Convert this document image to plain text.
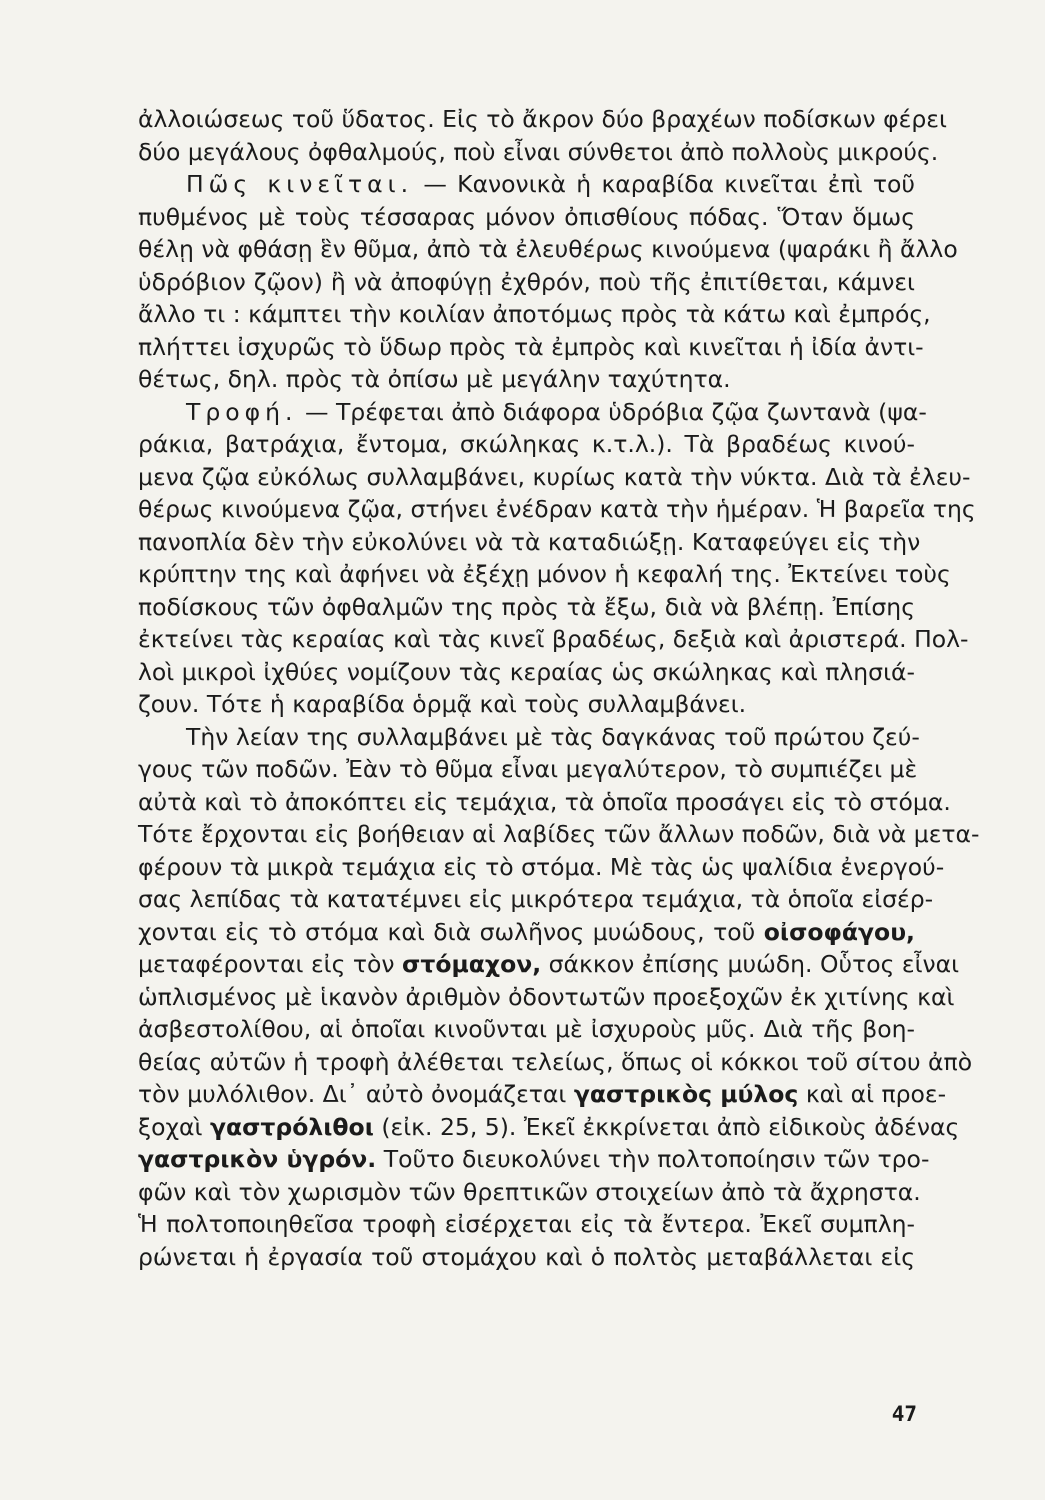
ἀλλοιώσεως τοῦ ὕδατος. Εἰς τὸ ἄκρον δύο βραχέων ποδίσκων φέρει
δύο μεγάλους ὀφθαλμούς, ποὺ εἶναι σύνθετοι ἀπὸ πολλοὺς μικρούς.
Πῶς κινεῖται. — Κανονικὰ ἡ καραβίδα κινεῖται ἐπὶ τοῦ
πυθμένος μὲ τοὺς τέσσαρας μόνον ὀπισθίους πόδας. Ὅταν ὅμως
θέλῃ νὰ φθάσῃ ἓν θῦμα, ἀπὸ τὰ ἐλευθέρως κινούμενα (ψαράκι ἢ ἄλλο
ὑδρόβιον ζῷον) ἢ νὰ ἀποφύγῃ ἐχθρόν, ποὺ τῆς ἐπιτίθεται, κάμνει
ἄλλο τι : κάμπτει τὴν κοιλίαν ἀποτόμως πρὸς τὰ κάτω καὶ ἐμπρός,
πλήττει ἰσχυρῶς τὸ ὕδωρ πρὸς τὰ ἐμπρὸς καὶ κινεῖται ἡ ἰδία ἀντι-
θέτως, δηλ. πρὸς τὰ ὀπίσω μὲ μεγάλην ταχύτητα.
Τροφή. — Τρέφεται ἀπὸ διάφορα ὑδρόβια ζῷα ζωντανὰ (ψα-
ράκια, βατράχια, ἔντομα, σκώληκας κ.τ.λ.). Τὰ βραδέως κινού-
μενα ζῷα εὐκόλως συλλαμβάνει, κυρίως κατὰ τὴν νύκτα. Διὰ τὰ ἐλευ-
θέρως κινούμενα ζῷα, στήνει ἐνέδραν κατὰ τὴν ἡμέραν. Ἡ βαρεῖα της
πανοπλία δὲν τὴν εὐκολύνει νὰ τὰ καταδιώξῃ. Καταφεύγει εἰς τὴν
κρύπτην της καὶ ἀφήνει νὰ ἐξέχῃ μόνον ἡ κεφαλή της. Ἐκτείνει τοὺς
ποδίσκους τῶν ὀφθαλμῶν της πρὸς τὰ ἔξω, διὰ νὰ βλέπῃ. Ἐπίσης
ἐκτείνει τὰς κεραίας καὶ τὰς κινεῖ βραδέως, δεξιὰ καὶ ἀριστερά. Πολ-
λοὶ μικροὶ ἰχθύες νομίζουν τὰς κεραίας ὡς σκώληκας καὶ πλησιά-
ζουν. Τότε ἡ καραβίδα ὁρμᾷ καὶ τοὺς συλλαμβάνει.
Τὴν λείαν της συλλαμβάνει μὲ τὰς δαγκάνας τοῦ πρώτου ζεύ-
γους τῶν ποδῶν. Ἐὰν τὸ θῦμα εἶναι μεγαλύτερον, τὸ συμπιέζει μὲ
αὐτὰ καὶ τὸ ἀποκόπτει εἰς τεμάχια, τὰ ὁποῖα προσάγει εἰς τὸ στόμα.
Τότε ἔρχονται εἰς βοήθειαν αἱ λαβίδες τῶν ἄλλων ποδῶν, διὰ νὰ μετα-
φέρουν τὰ μικρὰ τεμάχια εἰς τὸ στόμα. Μὲ τὰς ὡς ψαλίδια ἐνεργού-
σας λεπίδας τὰ κατατέμνει εἰς μικρότερα τεμάχια, τὰ ὁποῖα εἰσέρ-
χονται εἰς τὸ στόμα καὶ διὰ σωλῆνος μυώδους, τοῦ οἰσοφάγου,
μεταφέρονται εἰς τὸν στόμαχον, σάκκον ἐπίσης μυώδη. Οὗτος εἶναι
ὡπλισμένος μὲ ἱκανὸν ἀριθμὸν ὀδοντωτῶν προεξοχῶν ἐκ χιτίνης καὶ
ἀσβεστολίθου, αἱ ὁποῖαι κινοῦνται μὲ ἰσχυροὺς μῦς. Διὰ τῆς βοη-
θείας αὐτῶν ἡ τροφὴ ἀλέθεται τελείως, ὅπως οἱ κόκκοι τοῦ σίτου ἀπὸ
τὸν μυλόλιθον. Δι᾽ αὐτὸ ὀνομάζεται γαστρικὸς μύλος καὶ αἱ προε-
ξοχαὶ γαστρόλιθοι (εἰκ. 25, 5). Ἐκεῖ ἐκκρίνεται ἀπὸ εἰδικοὺς ἀδένας
γαστρικὸν ὑγρόν. Τοῦτο διευκολύνει τὴν πολτοποίησιν τῶν τρο-
φῶν καὶ τὸν χωρισμὸν τῶν θρεπτικῶν στοιχείων ἀπὸ τὰ ἄχρηστα.
Ἡ πολτοποιηθεῖσα τροφὴ εἰσέρχεται εἰς τὰ ἔντερα. Ἐκεῖ συμπλη-
ρώνεται ἡ ἐργασία τοῦ στομάχου καὶ ὁ πολτὸς μεταβάλλεται εἰς
47
